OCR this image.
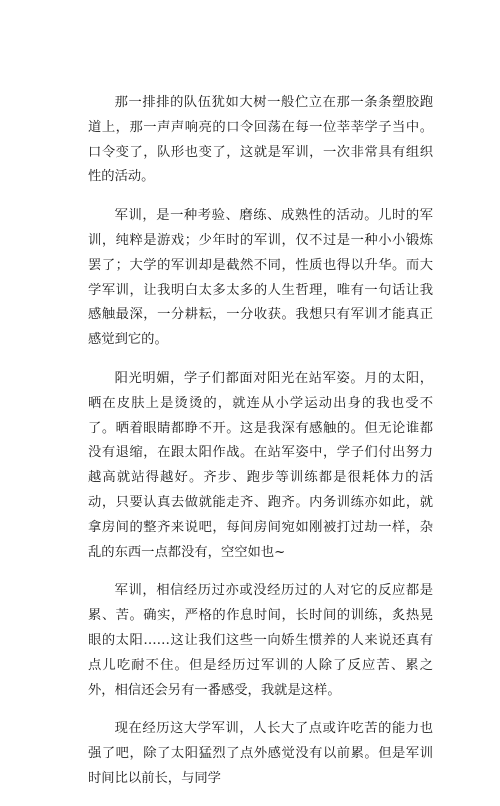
那一排排的队伍犹如大树一般伫立在那一条条塑胶跑道上，那一声声响亮的口令回荡在每一位莘莘学子当中。口令变了，队形也变了，这就是军训，一次非常具有组织性的活动。

军训，是一种考验、磨练、成熟性的活动。儿时的军训，纯粹是游戏；少年时的军训，仅不过是一种小小锻炼罢了；大学的军训却是截然不同，性质也得以升华。而大学军训，让我明白太多太多的人生哲理，唯有一句话让我感触最深，一分耕耘，一分收获。我想只有军训才能真正感觉到它的。

阳光明媚，学子们都面对阳光在站军姿。月的太阳，晒在皮肤上是烫烫的，就连从小学运动出身的我也受不了。晒着眼睛都睁不开。这是我深有感触的。但无论谁都没有退缩，在跟太阳作战。在站军姿中，学子们付出努力越高就站得越好。齐步、跑步等训练都是很耗体力的活动，只要认真去做就能走齐、跑齐。内务训练亦如此，就拿房间的整齐来说吧，每间房间宛如刚被打过劫一样，杂乱的东西一点都没有，空空如也~

军训，相信经历过亦或没经历过的人对它的反应都是累、苦。确实，严格的作息时间，长时间的训练，炙热晃眼的太阳……这让我们这些一向娇生惯养的人来说还真有点儿吃耐不住。但是经历过军训的人除了反应苦、累之外，相信还会另有一番感受，我就是这样。

现在经历这大学军训，人长大了点或许吃苦的能力也强了吧，除了太阳猛烈了点外感觉没有以前累。但是军训时间比以前长，与同学
